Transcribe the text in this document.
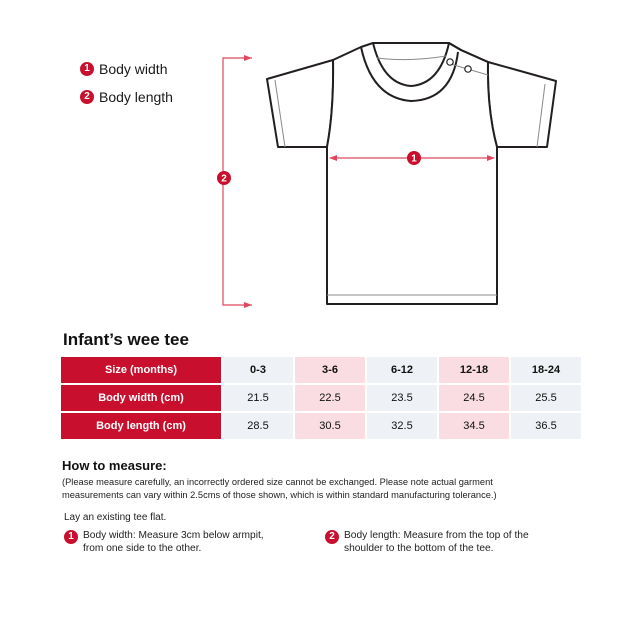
1 Body width
2 Body length
1
2
Infant’s wee tee
Size (months)	0-3	3-6	6-12	12-18	18-24
Body width (cm)	21.5	22.5	23.5	24.5	25.5
Body length (cm)	28.5	30.5	32.5	34.5	36.5
How to measure:
(Please measure carefully, an incorrectly ordered size cannot be exchanged. Please note actual garment
measurements can vary within 2.5cms of those shown, which is within standard manufacturing tolerance.)
Lay an existing tee flat.
1 Body width: Measure 3cm below armpit,
from one side to the other.
2 Body length: Measure from the top of the
shoulder to the bottom of the tee.
